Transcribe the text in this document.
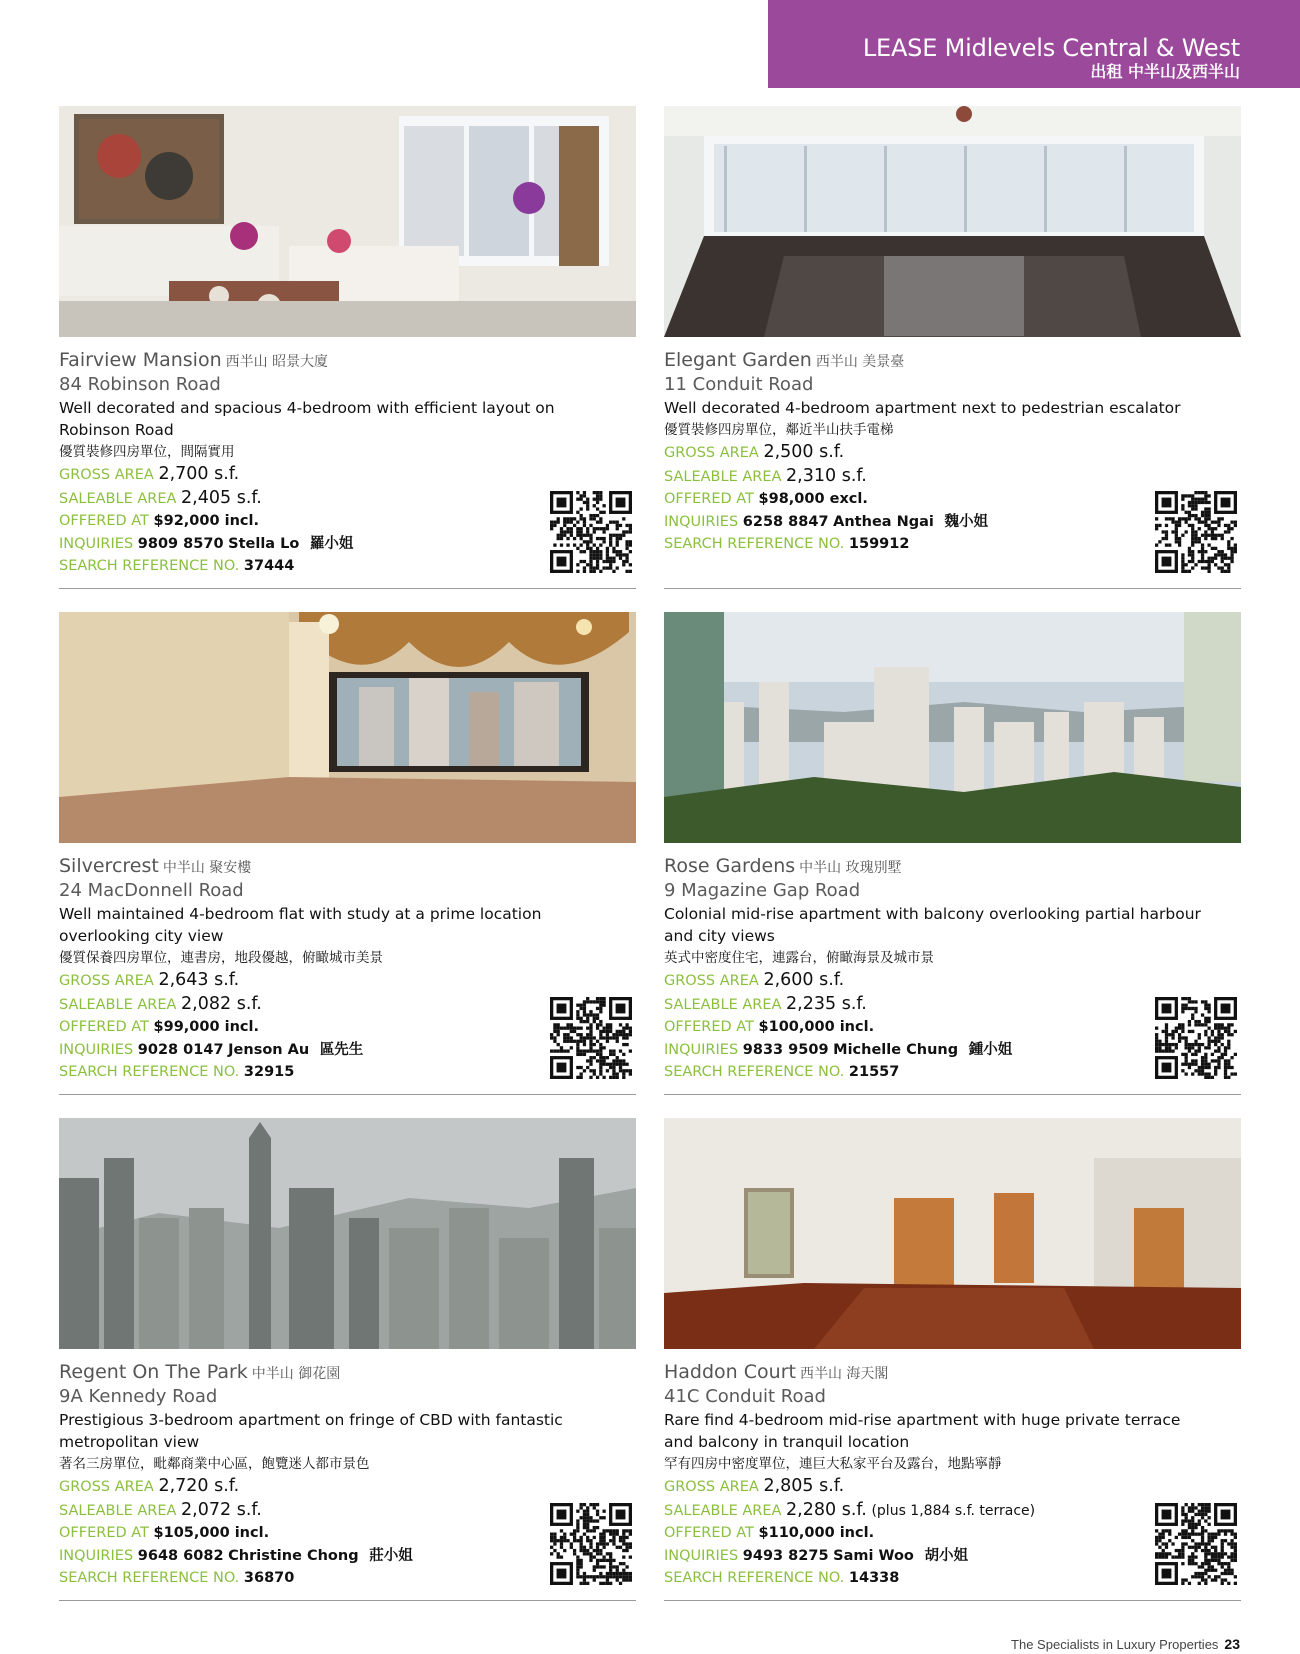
LEASE Midlevels Central & West
出租 中半山及西半山
Fairview Mansion 西半山 昭景大廈
84 Robinson Road
Well decorated and spacious 4-bedroom with efficient layout on Robinson Road
優質裝修四房單位，間隔實用
GROSS AREA 2,700 s.f.
SALEABLE AREA 2,405 s.f.
OFFERED AT $92,000 incl.
INQUIRIES 9809 8570 Stella Lo 羅小姐
SEARCH REFERENCE NO. 37444
Elegant Garden 西半山 美景臺
11 Conduit Road
Well decorated 4-bedroom apartment next to pedestrian escalator
優質裝修四房單位，鄰近半山扶手電梯
GROSS AREA 2,500 s.f.
SALEABLE AREA 2,310 s.f.
OFFERED AT $98,000 excl.
INQUIRIES 6258 8847 Anthea Ngai 魏小姐
SEARCH REFERENCE NO. 159912
Silvercrest 中半山 聚安樓
24 MacDonnell Road
Well maintained 4-bedroom flat with study at a prime location overlooking city view
優質保養四房單位，連書房，地段優越，俯瞰城市美景
GROSS AREA 2,643 s.f.
SALEABLE AREA 2,082 s.f.
OFFERED AT $99,000 incl.
INQUIRIES 9028 0147 Jenson Au 區先生
SEARCH REFERENCE NO. 32915
Rose Gardens 中半山 玫瑰別墅
9 Magazine Gap Road
Colonial mid-rise apartment with balcony overlooking partial harbour and city views
英式中密度住宅，連露台，俯瞰海景及城市景
GROSS AREA 2,600 s.f.
SALEABLE AREA 2,235 s.f.
OFFERED AT $100,000 incl.
INQUIRIES 9833 9509 Michelle Chung 鍾小姐
SEARCH REFERENCE NO. 21557
Regent On The Park 中半山 御花園
9A Kennedy Road
Prestigious 3-bedroom apartment on fringe of CBD with fantastic metropolitan view
著名三房單位，毗鄰商業中心區，飽覽迷人都市景色
GROSS AREA 2,720 s.f.
SALEABLE AREA 2,072 s.f.
OFFERED AT $105,000 incl.
INQUIRIES 9648 6082 Christine Chong 莊小姐
SEARCH REFERENCE NO. 36870
Haddon Court 西半山 海天閣
41C Conduit Road
Rare find 4-bedroom mid-rise apartment with huge private terrace and balcony in tranquil location
罕有四房中密度單位，連巨大私家平台及露台，地點寧靜
GROSS AREA 2,805 s.f.
SALEABLE AREA 2,280 s.f. (plus 1,884 s.f. terrace)
OFFERED AT $110,000 incl.
INQUIRIES 9493 8275 Sami Woo 胡小姐
SEARCH REFERENCE NO. 14338
The Specialists in Luxury Properties 23
